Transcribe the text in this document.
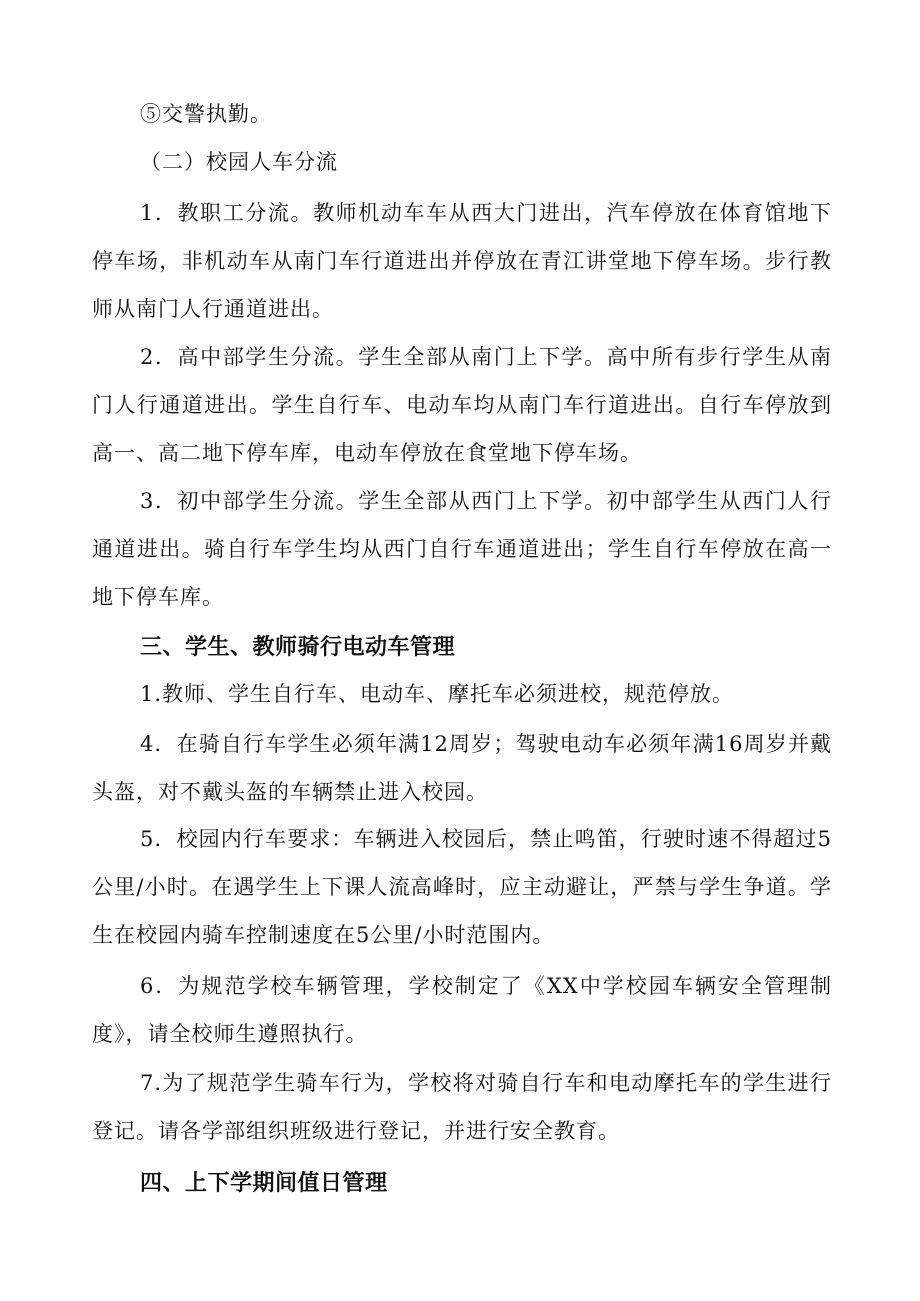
⑤交警执勤。

（二）校园人车分流

1．教职工分流。教师机动车车从西大门进出，汽车停放在体育馆地下停车场，非机动车从南门车行道进出并停放在青江讲堂地下停车场。步行教师从南门人行通道进出。

2．高中部学生分流。学生全部从南门上下学。高中所有步行学生从南门人行通道进出。学生自行车、电动车均从南门车行道进出。自行车停放到高一、高二地下停车库，电动车停放在食堂地下停车场。

3．初中部学生分流。学生全部从西门上下学。初中部学生从西门人行通道进出。骑自行车学生均从西门自行车通道进出；学生自行车停放在高一地下停车库。

三、学生、教师骑行电动车管理

1.教师、学生自行车、电动车、摩托车必须进校，规范停放。

4．在骑自行车学生必须年满12周岁；驾驶电动车必须年满16周岁并戴头盔，对不戴头盔的车辆禁止进入校园。

5．校园内行车要求：车辆进入校园后，禁止鸣笛，行驶时速不得超过5公里/小时。在遇学生上下课人流高峰时，应主动避让，严禁与学生争道。学生在校园内骑车控制速度在5公里/小时范围内。

6．为规范学校车辆管理，学校制定了《XX中学校园车辆安全管理制度》，请全校师生遵照执行。

7.为了规范学生骑车行为，学校将对骑自行车和电动摩托车的学生进行登记。请各学部组织班级进行登记，并进行安全教育。

四、上下学期间值日管理
